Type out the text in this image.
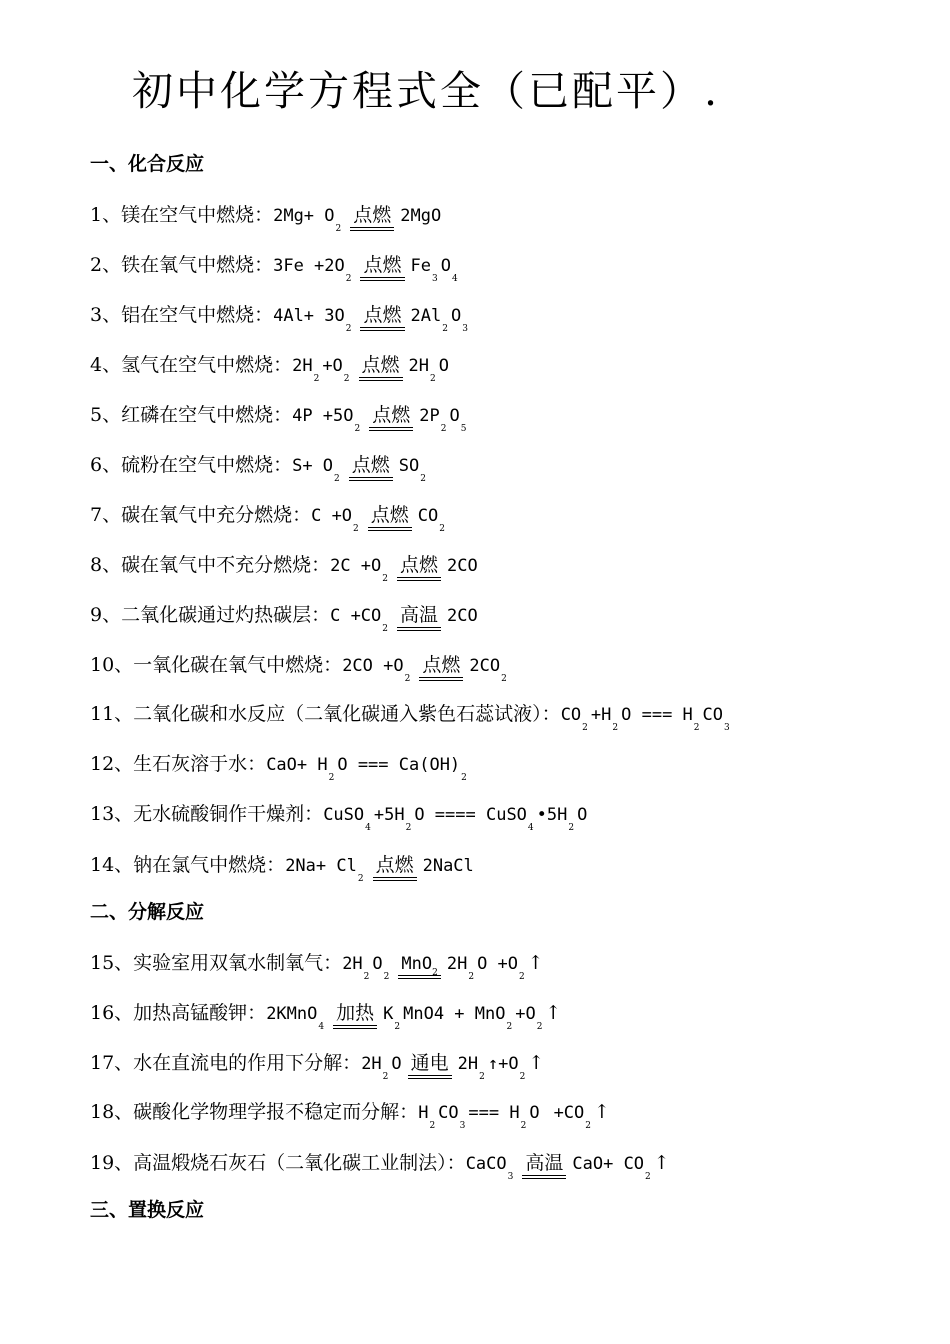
初中化学方程式全（已配平）.
一、化合反应
1、镁在空气中燃烧：$2Mg+ O_2$点燃 2MgO
2、铁在氧气中燃烧：$3Fe +2O_2$点燃 $Fe_3O_4$
3、铝在空气中燃烧：$4Al+ 3O_2$点燃 $2Al_2O_3$
4、氢气在空气中燃烧：$2H_2+O_2$点燃 $2H_2O$
5、红磷在空气中燃烧：$4P +5O_2$点燃 $2P_2O_5$
6、硫粉在空气中燃烧：$S+ O_2$点燃 $SO_2$
7、碳在氧气中充分燃烧：$C +O_2$点燃 $CO_2$
8、碳在氧气中不充分燃烧：$2C +O_2$点燃 2CO
9、二氧化碳通过灼热碳层：$C +CO_2$高温 2CO
10、一氧化碳在氧气中燃烧：$2CO +O_2$点燃 $2CO_2$
11、二氧化碳和水反应（二氧化碳通入紫色石蕊试液）：$CO_2+H_2O$ === $H_2CO_3$
12、生石灰溶于水：$CaO+ H_2O$ === $Ca(OH)_2$
13、无水硫酸铜作干燥剂：$CuSO_4+5H_2O$ ==== $CuSO_4•5H_2O$
14、钠在氯气中燃烧：$2Na+ Cl_2$点燃 2NaCl
二、分解反应
15、实验室用双氧水制氧气：$2H_2O_2MnO_2$ $2H_2O$ $+O_2↑$
16、加热高锰酸钾：2KMnO$_4$加热 $K_2MnO4$ + $MnO_2+O_2↑$
17、水在直流电的作用下分解：$2H_2O$ 通电 $2H_2↑+O_2↑$
18、碳酸化学物理学报不稳定而分解：$H_2CO_3=== H_2O$ $+CO_2↑$
19、高温煅烧石灰石（二氧化碳工业制法）：CaCO$_3$高温 $CaO+ CO_2↑$
三、置换反应
